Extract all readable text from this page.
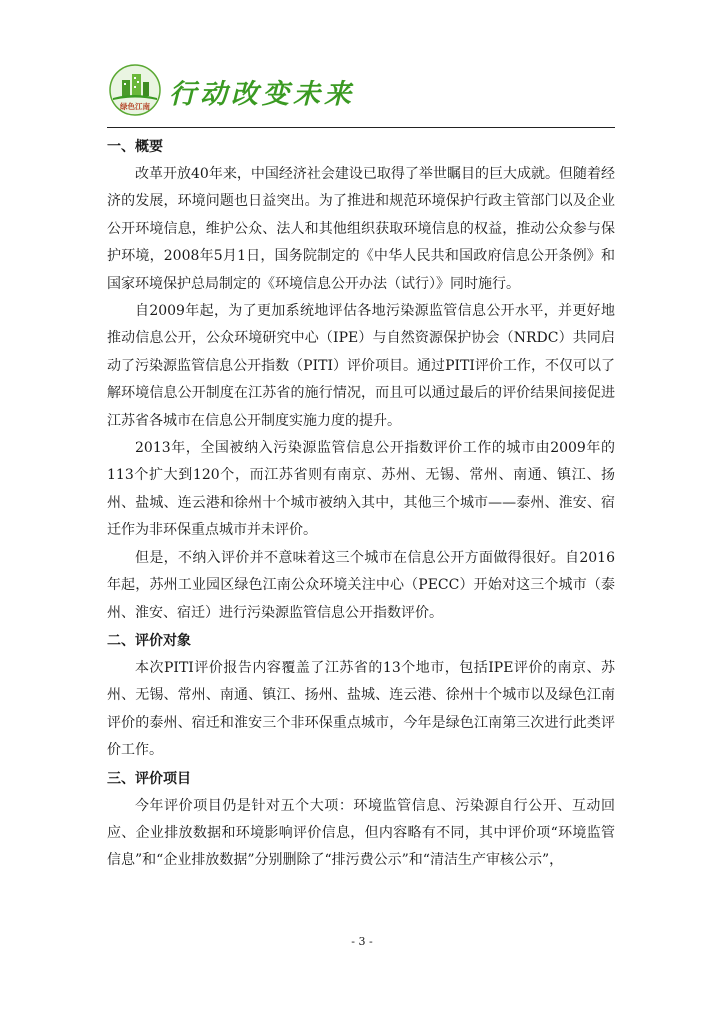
绿色江南 行动改变未来

一、概要

改革开放40年来，中国经济社会建设已取得了举世瞩目的巨大成就。但随着经济的发展，环境问题也日益突出。为了推进和规范环境保护行政主管部门以及企业公开环境信息，维护公众、法人和其他组织获取环境信息的权益，推动公众参与保护环境，2008年5月1日，国务院制定的《中华人民共和国政府信息公开条例》和国家环境保护总局制定的《环境信息公开办法（试行）》同时施行。

自2009年起，为了更加系统地评估各地污染源监管信息公开水平，并更好地推动信息公开，公众环境研究中心（IPE）与自然资源保护协会（NRDC）共同启动了污染源监管信息公开指数（PITI）评价项目。通过PITI评价工作，不仅可以了解环境信息公开制度在江苏省的施行情况，而且可以通过最后的评价结果间接促进江苏省各城市在信息公开制度实施力度的提升。

2013年，全国被纳入污染源监管信息公开指数评价工作的城市由2009年的113个扩大到120个，而江苏省则有南京、苏州、无锡、常州、南通、镇江、扬州、盐城、连云港和徐州十个城市被纳入其中，其他三个城市——泰州、淮安、宿迁作为非环保重点城市并未评价。

但是，不纳入评价并不意味着这三个城市在信息公开方面做得很好。自2016年起，苏州工业园区绿色江南公众环境关注中心（PECC）开始对这三个城市（泰州、淮安、宿迁）进行污染源监管信息公开指数评价。

二、评价对象

本次PITI评价报告内容覆盖了江苏省的13个地市，包括IPE评价的南京、苏州、无锡、常州、南通、镇江、扬州、盐城、连云港、徐州十个城市以及绿色江南评价的泰州、宿迁和淮安三个非环保重点城市，今年是绿色江南第三次进行此类评价工作。

三、评价项目

今年评价项目仍是针对五个大项：环境监管信息、污染源自行公开、互动回应、企业排放数据和环境影响评价信息，但内容略有不同，其中评价项“环境监管信息”和“企业排放数据”分别删除了“排污费公示”和“清洁生产审核公示”，

- 3 -
